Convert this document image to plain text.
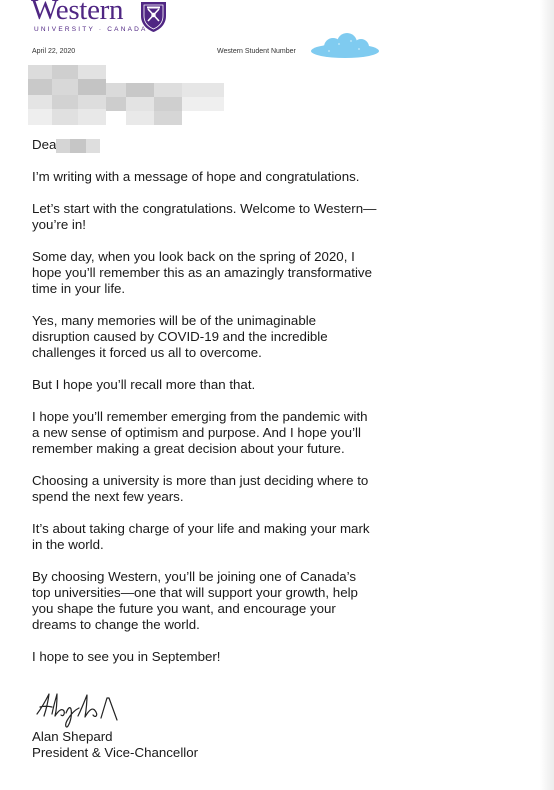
Western
UNIVERSITY · CANADA
April 22, 2020	Western Student Number
Dea

I’m writing with a message of hope and congratulations.

Let’s start with the congratulations. Welcome to Western—you’re in!

Some day, when you look back on the spring of 2020, I hope you’ll remember this as an amazingly transformative time in your life.

Yes, many memories will be of the unimaginable disruption caused by COVID-19 and the incredible challenges it forced us all to overcome.

But I hope you’ll recall more than that.

I hope you’ll remember emerging from the pandemic with a new sense of optimism and purpose. And I hope you’ll remember making a great decision about your future.

Choosing a university is more than just deciding where to spend the next few years.

It’s about taking charge of your life and making your mark in the world.

By choosing Western, you’ll be joining one of Canada’s top universities—one that will support your growth, help you shape the future you want, and encourage your dreams to change the world.

I hope to see you in September!

Alan Shepard
President & Vice-Chancellor
